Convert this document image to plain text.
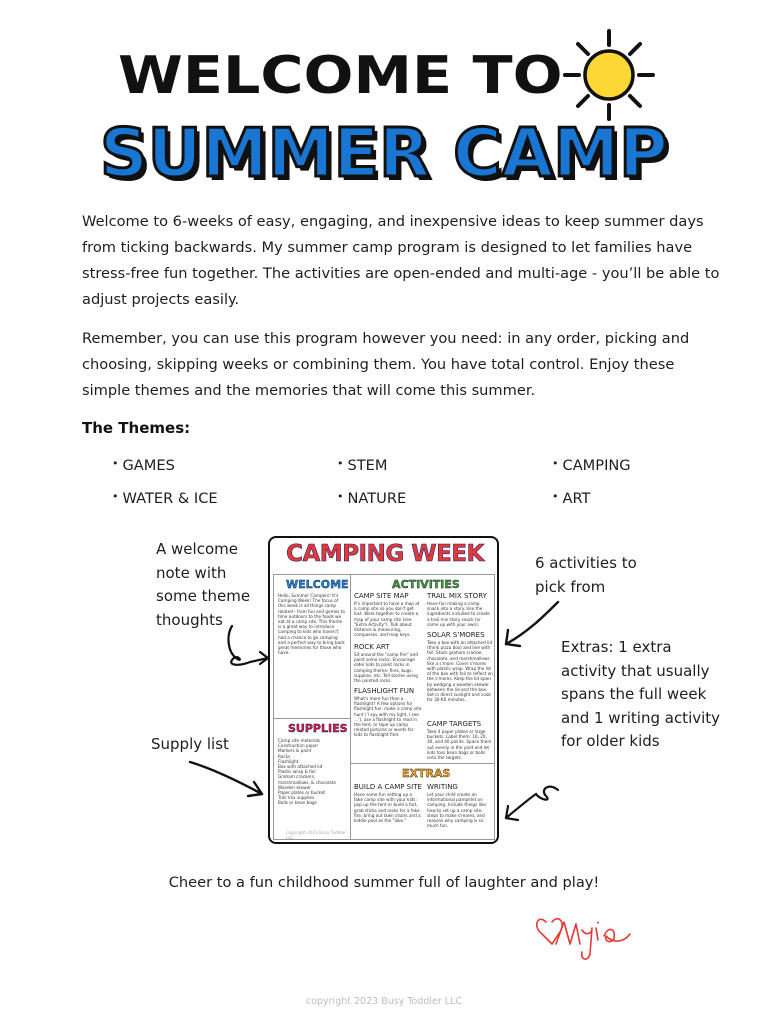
WELCOME TO
SUMMER CAMP

Welcome to 6-weeks of easy, engaging, and inexpensive ideas to keep summer days from ticking backwards. My summer camp program is designed to let families have stress-free fun together. The activities are open-ended and multi-age - you’ll be able to adjust projects easily.

Remember, you can use this program however you need: in any order, picking and choosing, skipping weeks or combining them. You have total control. Enjoy these simple themes and the memories that will come this summer.

The Themes:
• GAMES	• STEM	• CAMPING
• WATER & ICE	• NATURE	• ART
A welcome note with some theme thoughts
6 activities to pick from
Extras: 1 extra activity that usually spans the full week and 1 writing activity for older kids
Supply list
CAMPING WEEK
WELCOME
Hello, Summer Campers! It's Camping Week! The focus of this week is all things camp related - from fun and games to time outdoors to the foods we eat at a camp site. This theme is a great way to introduce camping to kids who haven't had a chance to go camping and a perfect way to bring back great memories for those who have.
SUPPLIES
Camp site materials
Construction paper
Markers & paint
Rocks
Flashlight
Box with attached lid
Plastic wrap & foil
Graham crackers, marshmallows, & chocolate
Wooden skewer
Paper plates or bucket
Trail mix supplies
Balls or bean bags
copyright 2023 Busy Toddler LLC
ACTIVITIES
CAMP SITE MAP
It's important to have a map at a camp site so you don't get lost. Work together to create a map of your camp site (see "Extra Activity"). Talk about distance & measuring, compasses, and map keys.
ROCK ART
Sit around the "camp fire" and paint some rocks. Encourage older kids to paint rocks in camping theme: fires, bugs, supplies, etc. Tell stories using the painted rocks.
FLASHLIGHT FUN
What's more fun than a flashlight? A few options for flashlight fun: make a camp site hunt ('I spy with my light, I see …'), use a flashlight to read in the tent, or tape up camp related pictures or words for kids to flashlight find.
TRAIL MIX STORY
Have fun making a camp snack into a story. Use the ingredients included to create a trail mix story snack (or come up with your own).
SOLAR S'MORES
Take a box with an attached lid (think pizza box) and line with foil. Stack graham cracker, chocolate, and marshmallows like a s'more. Cover s'mores with plastic wrap. Wrap the lid of the box with foil to reflect on the s'mores. Keep the lid open by wedging a wooden skewer between the lid and the box. Set in direct sunlight and cook for 30-60 minutes.
CAMP TARGETS
Take 4 paper plates or large buckets. Label them: 10, 20, 30, and 40 points. Space them out evenly in the yard and let kids toss bean bags or balls onto the targets.
EXTRAS
BUILD A CAMP SITE
Have some fun setting up a fake camp site with your kids: pop up the tent or build a fort, grab sticks and rocks for a fake fire, bring out lawn chairs and a kiddie pool as the "lake."
WRITING
Let your child create an informational pamphlet on camping. Include things like: how to set up a camp site, steps to make s'mores, and reasons why camping is so much fun.
Cheer to a fun childhood summer full of laughter and play!
copyright 2023 Busy Toddler LLC
